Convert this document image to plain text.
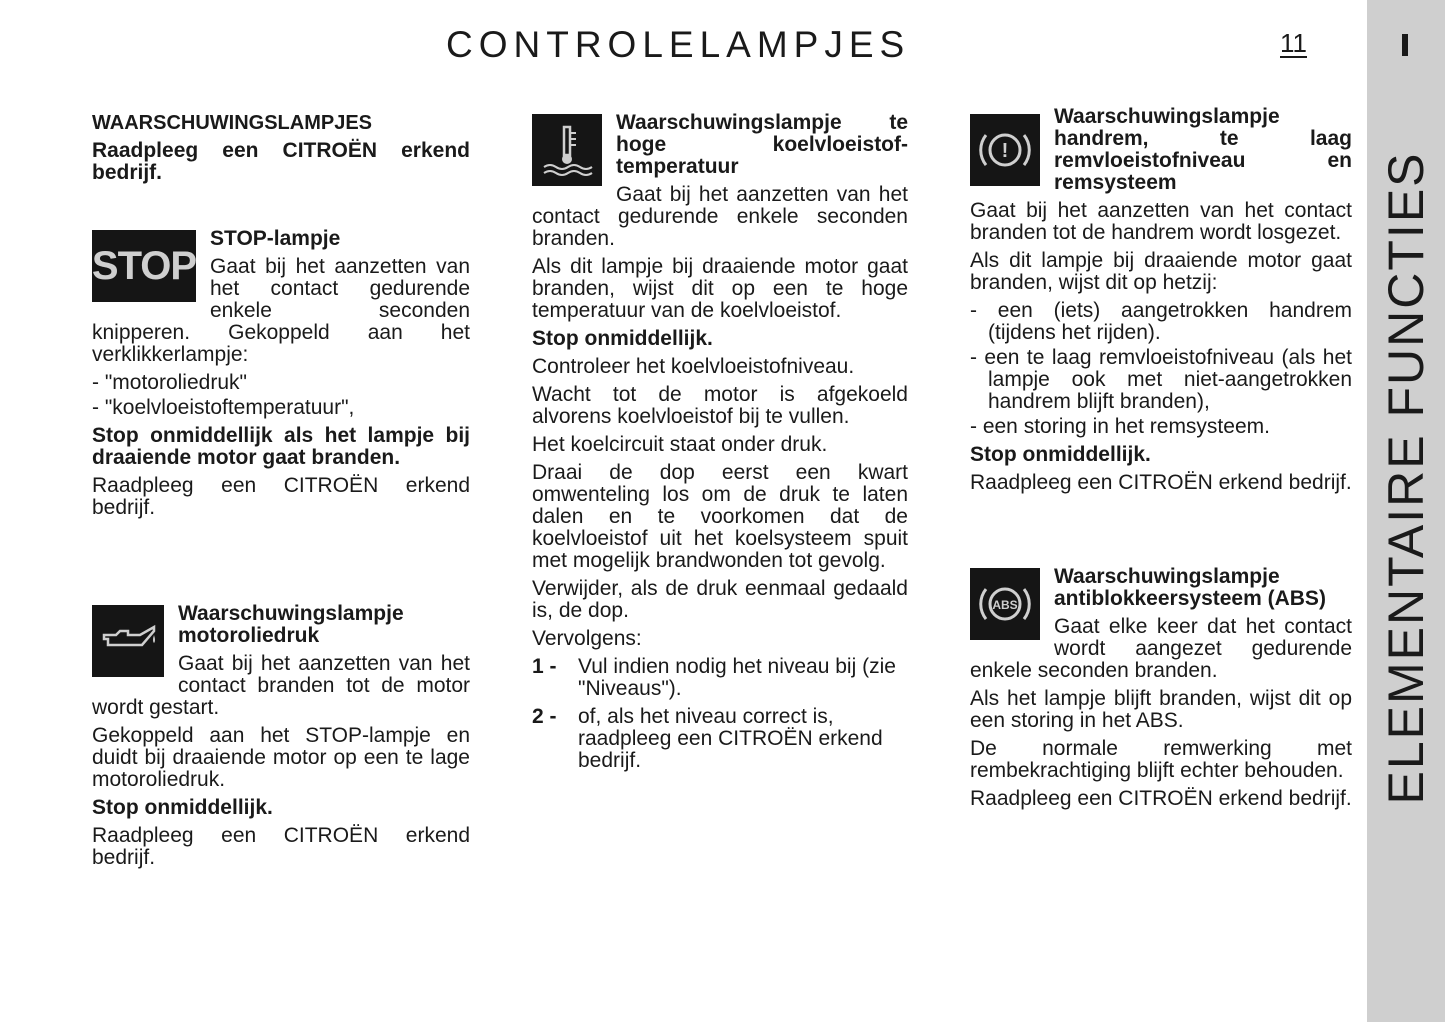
CONTROLELAMPJES	11
ELEMENTAIRE FUNCTIES

WAARSCHUWINGSLAMPJES

Raadpleeg een CITROËN erkend bedrijf.

STOP

STOP-lampje

Gaat bij het aanzetten van het contact gedurende enkele seconden knipperen. Gekoppeld aan het verklikkerlampje:

- "motoroliedruk"
- "koelvloeistoftemperatuur",

Stop onmiddellijk als het lampje bij draaiende motor gaat branden.

Raadpleeg een CITROËN erkend bedrijf.

Waarschuwingslampje motoroliedruk

Gaat bij het aanzetten van het contact branden tot de motor wordt gestart.

Gekoppeld aan het STOP-lampje en duidt bij draaiende motor op een te lage motoroliedruk.

Stop onmiddellijk.

Raadpleeg een CITROËN erkend bedrijf.

Waarschuwingslampje te hoge koelvloeistof-temperatuur

Gaat bij het aanzetten van het contact gedurende enkele seconden branden.

Als dit lampje bij draaiende motor gaat branden, wijst dit op een te hoge temperatuur van de koelvloeistof.

Stop onmiddellijk.

Controleer het koelvloeistofniveau.

Wacht tot de motor is afgekoeld alvorens koelvloeistof bij te vullen.

Het koelcircuit staat onder druk.

Draai de dop eerst een kwart omwenteling los om de druk te laten dalen en te voorkomen dat de koelvloeistof uit het koelsysteem spuit met mogelijk brandwonden tot gevolg.

Verwijder, als de druk eenmaal gedaald is, de dop.

Vervolgens:

1 -	Vul indien nodig het niveau bij (zie "Niveaus").
2 -	of, als het niveau correct is, raadpleeg een CITROËN erkend bedrijf.
!

Waarschuwingslampje handrem, te laag remvloeistofniveau en remsysteem

Gaat bij het aanzetten van het contact branden tot de handrem wordt losgezet.

Als dit lampje bij draaiende motor gaat branden, wijst dit op hetzij:

- een (iets) aangetrokken handrem (tijdens het rijden).
- een te laag remvloeistofniveau (als het lampje ook met niet-aangetrokken handrem blijft branden),
- een storing in het remsysteem.

Stop onmiddellijk.

Raadpleeg een CITROËN erkend bedrijf.

ABS

Waarschuwingslampje antiblokkeersysteem (ABS)

Gaat elke keer dat het contact wordt aangezet gedurende enkele seconden branden.

Als het lampje blijft branden, wijst dit op een storing in het ABS.

De normale remwerking met rembekrachtiging blijft echter behouden.

Raadpleeg een CITROËN erkend bedrijf.
